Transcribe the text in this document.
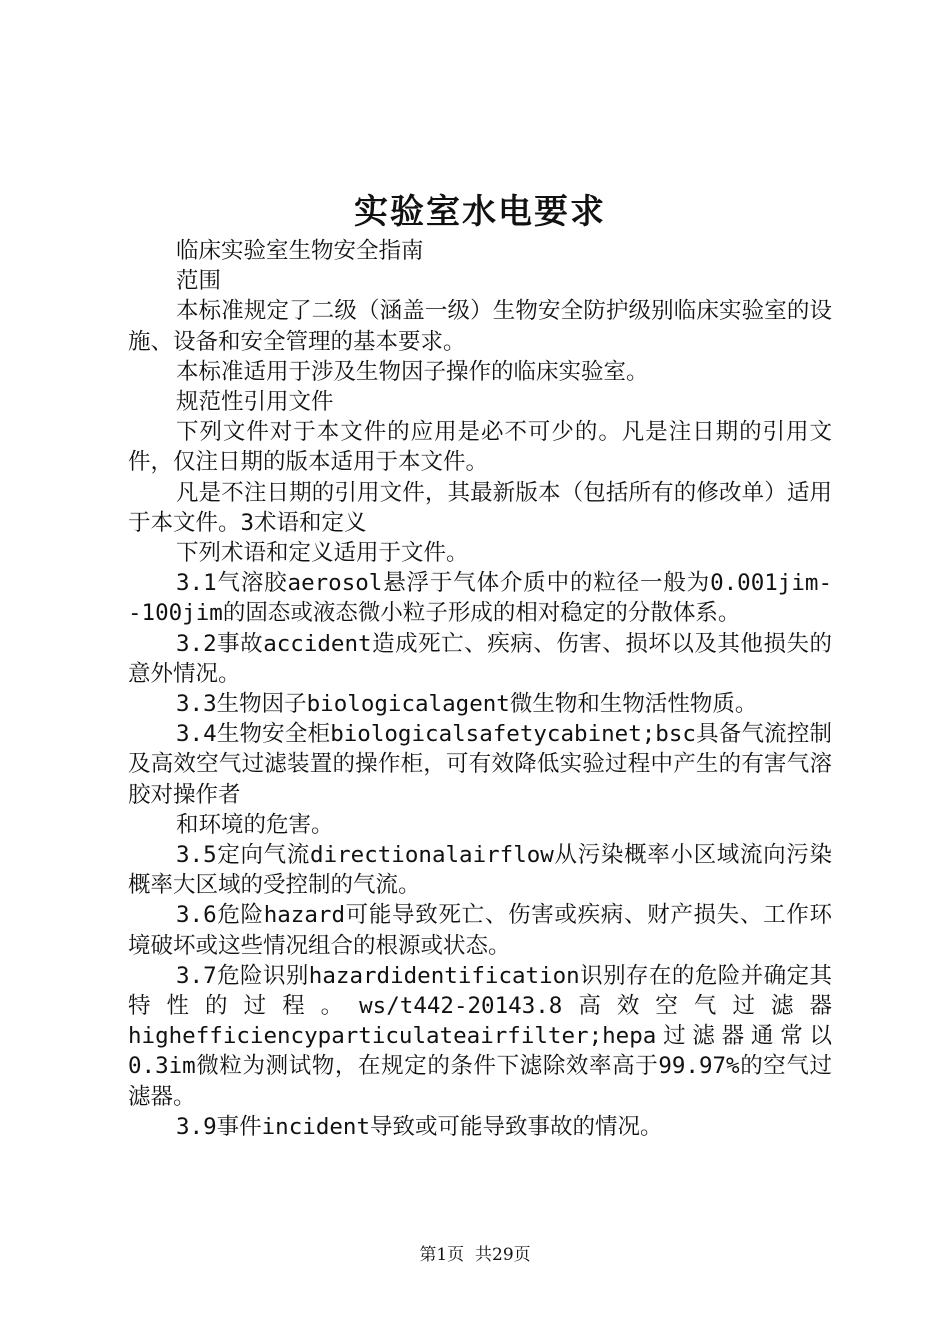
实验室水电要求

临床实验室生物安全指南

范围

本标准规定了二级（涵盖一级）生物安全防护级别临床实验室的设施、设备和安全管理的基本要求。

本标准适用于涉及生物因子操作的临床实验室。

规范性引用文件

下列文件对于本文件的应用是必不可少的。凡是注日期的引用文件，仅注日期的版本适用于本文件。

凡是不注日期的引用文件，其最新版本（包括所有的修改单）适用于本文件。3术语和定义

下列术语和定义适用于文件。

3.1气溶胶aerosol悬浮于气体介质中的粒径一般为0.001jim--100jim的固态或液态微小粒子形成的相对稳定的分散体系。

3.2事故accident造成死亡、疾病、伤害、损坏以及其他损失的意外情况。

3.3生物因子biologicalagent微生物和生物活性物质。

3.4生物安全柜biologicalsafetycabinet;bsc具备气流控制及高效空气过滤装置的操作柜，可有效降低实验过程中产生的有害气溶胶对操作者

和环境的危害。

3.5定向气流directionalairflow从污染概率小区域流向污染概率大区域的受控制的气流。

3.6危险hazard可能导致死亡、伤害或疾病、财产损失、工作环境破坏或这些情况组合的根源或状态。

3.7危险识别hazardidentification识别存在的危险并确定其特性的过程。ws/t442-20143.8高效空气过滤器highefficiencyparticulateairfilter;hepa过滤器通常以0.3im微粒为测试物，在规定的条件下滤除效率高于99.97%的空气过滤器。

3.9事件incident导致或可能导致事故的情况。

第1页 共29页
